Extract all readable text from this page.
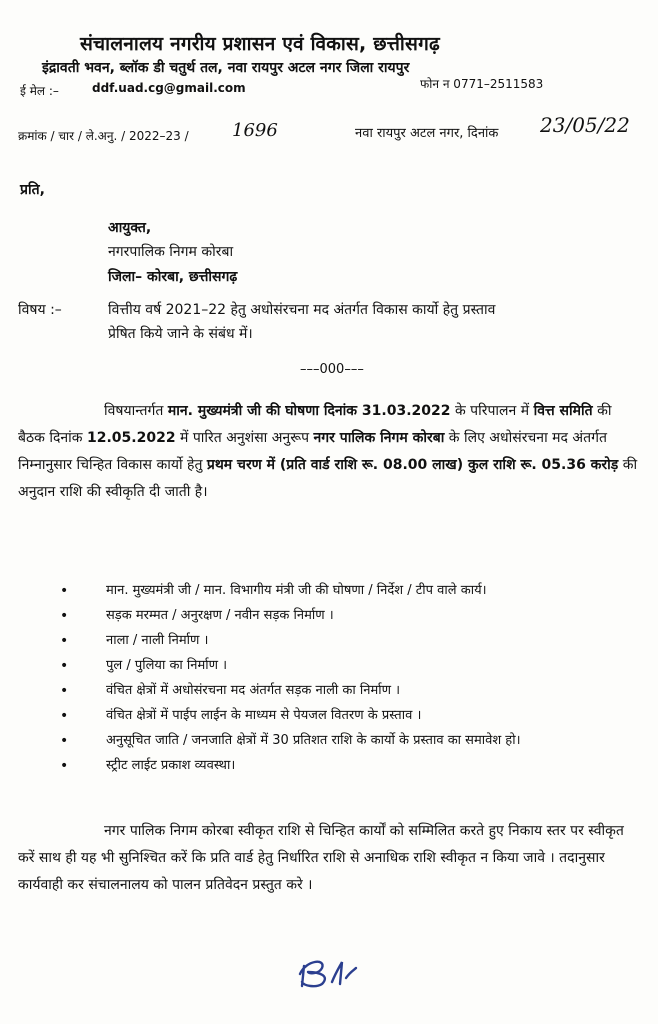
संचालनालय नगरीय प्रशासन एवं विकास, छत्तीसगढ़
इंद्रावती भवन, ब्लॉक डी चतुर्थ तल, नवा रायपुर अटल नगर जिला रायपुर
ई मेल :–	ddf.uad.cg@gmail.com	फोन न 0771–2511583
क्रमांक / चार / ले.अनु. / 2022–23 / 1696	नवा रायपुर अटल नगर, दिनांक 23/05/22
प्रति,
आयुक्त,
नगरपालिक निगम कोरबा
जिला– कोरबा, छत्तीसगढ़
विषय :–	वित्तीय वर्ष 2021–22 हेतु अधोसंरचना मद अंतर्गत विकास कार्यो हेतु प्रस्ताव
प्रेषित किये जाने के संबंध में।
–––000–––
विषयान्तर्गत मान. मुख्यमंत्री जी की घोषणा दिनांक 31.03.2022 के परिपालन में वित्त समिति की बैठक दिनांक 12.05.2022 में पारित अनुशंसा अनुरूप नगर पालिक निगम कोरबा के लिए अधोसंरचना मद अंतर्गत निम्नानुसार चिन्हित विकास कार्यो हेतु प्रथम चरण में (प्रति वार्ड राशि रू. 08.00 लाख) कुल राशि रू. 05.36 करोड़ की अनुदान राशि की स्वीकृति दी जाती है।
•	मान. मुख्यमंत्री जी / मान. विभागीय मंत्री जी की घोषणा / निर्देश / टीप वाले कार्य।
•	सड़क मरम्मत / अनुरक्षण / नवीन सड़क निर्माण ।
•	नाला / नाली निर्माण ।
•	पुल / पुलिया का निर्माण ।
•	वंचित क्षेत्रों में अधोसंरचना मद अंतर्गत सड़क नाली का निर्माण ।
•	वंचित क्षेत्रों में पाईप लाईन के माध्यम से पेयजल वितरण के प्रस्ताव ।
•	अनुसूचित जाति / जनजाति क्षेत्रों में 30 प्रतिशत राशि के कार्यो के प्रस्ताव का समावेश हो।
•	स्ट्रीट लाईट प्रकाश व्यवस्था।
नगर पालिक निगम कोरबा स्वीकृत राशि से चिन्हित कार्यों को सम्मिलित करते हुए निकाय स्तर पर स्वीकृत करें साथ ही यह भी सुनिश्चित करें कि प्रति वार्ड हेतु निर्धारित राशि से अनाधिक राशि स्वीकृत न किया जावे । तदानुसार कार्यवाही कर संचालनालय को पालन प्रतिवेदन प्रस्तुत करे ।
